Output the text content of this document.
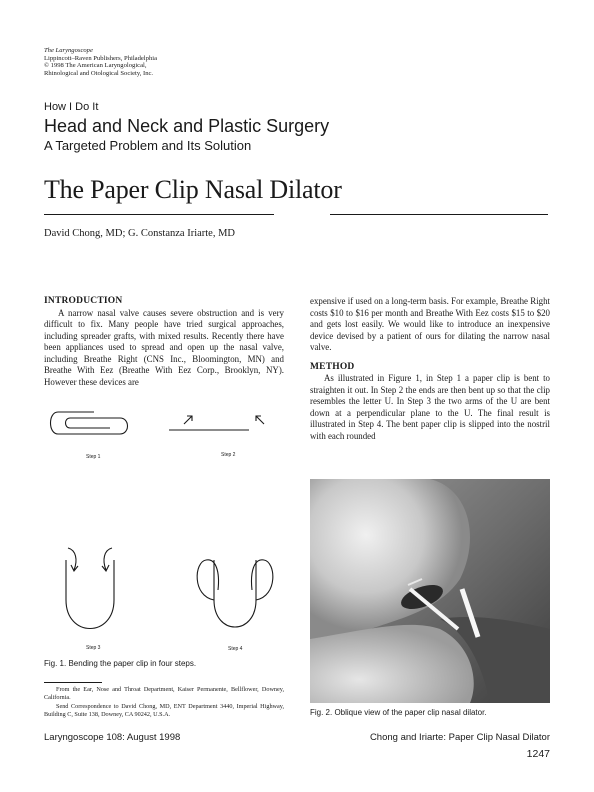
The Laryngoscope
Lippincott–Raven Publishers, Philadelphia
© 1998 The American Laryngological,
Rhinological and Otological Society, Inc.
How I Do It
Head and Neck and Plastic Surgery
A Targeted Problem and Its Solution
The Paper Clip Nasal Dilator
David Chong, MD; G. Constanza Iriarte, MD
INTRODUCTION

A narrow nasal valve causes severe obstruction and is very difficult to fix. Many people have tried surgical approaches, including spreader grafts, with mixed results. Recently there have been appliances used to spread and open up the nasal valve, including Breathe Right (CNS Inc., Bloomington, MN) and Breathe With Eez (Breathe With Eez Corp., Brooklyn, NY). However these devices are

expensive if used on a long-term basis. For example, Breathe Right costs $10 to $16 per month and Breathe With Eez costs $15 to $20 and gets lost easily. We would like to introduce an inexpensive device devised by a patient of ours for dilating the narrow nasal valve.

METHOD

As illustrated in Figure 1, in Step 1 a paper clip is bent to straighten it out. In Step 2 the ends are then bent up so that the clip resembles the letter U. In Step 3 the two arms of the U are bent down at a perpendicular plane to the U. The final result is illustrated in Step 4. The bent paper clip is slipped into the nostril with each rounded

Step 1	Step 2
Step 3	Step 4
Fig. 1. Bending the paper clip in four steps.

From the Ear, Nose and Throat Department, Kaiser Permanente, Bellflower, Downey, California.

Send Correspondence to David Chong, MD, ENT Department 3440, Imperial Highway, Building C, Suite 138, Downey, CA 90242, U.S.A.	Fig. 2. Oblique view of the paper clip nasal dilator.
Laryngoscope 108: August 1998	Chong and Iriarte: Paper Clip Nasal Dilator
1247
